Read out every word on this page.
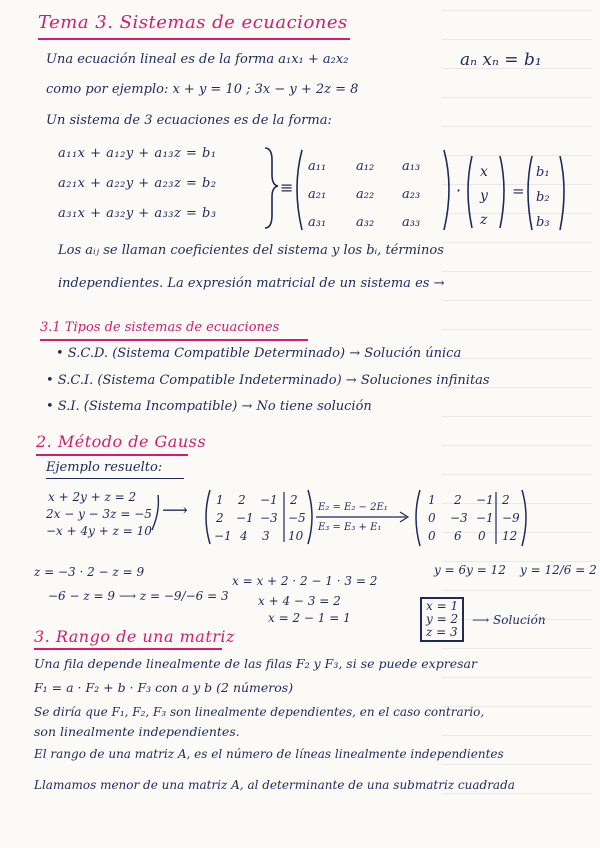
Tema 3. Sistemas de ecuaciones
Una ecuación lineal es de la forma a₁x₁ + a₂x₂	aₙ xₙ = b₁
como por ejemplo: x + y = 10 ; 3x − y + 2z = 8
Un sistema de 3 ecuaciones es de la forma:
a₁₁x + a₁₂y + a₁₃z = b₁
a₂₁x + a₂₂y + a₂₃z = b₂
a₃₁x + a₃₂y + a₃₃z = b₃
≡
a₁₁ a₁₂ a₁₃
a₂₁ a₂₂ a₂₃
a₃₁ a₃₂ a₃₃
·
x
y
z
=
b₁
b₂
b₃
Los aᵢⱼ se llaman coeficientes del sistema y los bᵢ, términos
independientes. La expresión matricial de un sistema es →
3.1 Tipos de sistemas de ecuaciones
• S.C.D. (Sistema Compatible Determinado) → Solución única
• S.C.I. (Sistema Compatible Indeterminado) → Soluciones infinitas
• S.I. (Sistema Incompatible) → No tiene solución
2. Método de Gauss
Ejemplo resuelto:
x + 2y + z = 2
2x − y − 3z = −5
−x + 4y + z = 10
⟶ 1 2 −1 2
2 −1 −3 −5
−1 4 3 10
E₂ = E₂ − 2E₁
E₃ = E₃ + E₁
1 2 −1 2
0 −3 −1 −9
0 6 0 12
y = 6y = 12 y = 12/6 = 2
z = −3 · 2 − z = 9
−6 − z = 9 ⟶ z = −9/−6 = 3
x = x + 2 · 2 − 1 · 3 = 2
x + 4 − 3 = 2
x = 2 − 1 = 1
x = 1
y = 2
z = 3
⟶ Solución
3. Rango de una matriz
Una fila depende linealmente de las filas F₂ y F₃, si se puede expresar
F₁ = a · F₂ + b · F₃ con a y b (2 números)
Se diría que F₁, F₂, F₃ son linealmente dependientes, en el caso contrario,
son linealmente independientes.
El rango de una matriz A, es el número de líneas linealmente independientes
Llamamos menor de una matriz A, al determinante de una submatriz cuadrada
